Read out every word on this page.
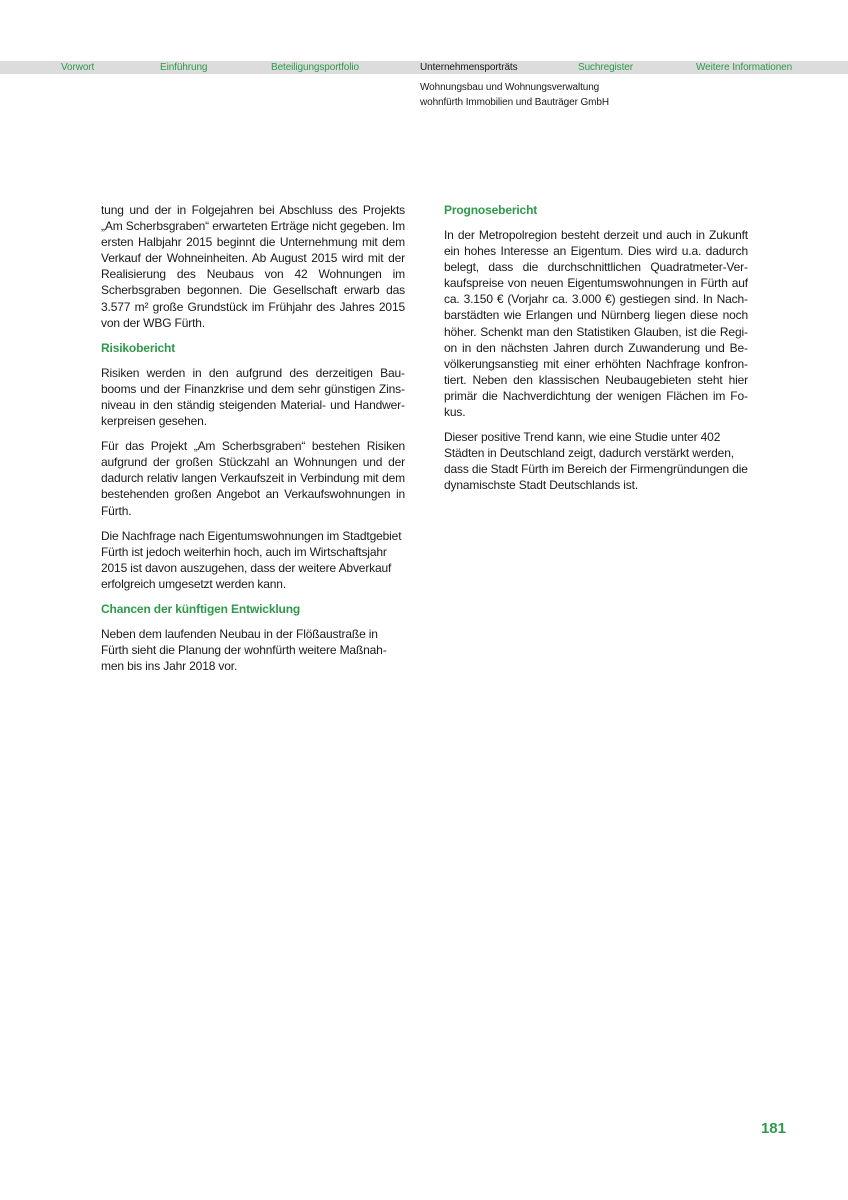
Vorwort	Einführung	Beteiligungsportfolio	Unternehmensporträts	Suchregister	Weitere Informationen
Wohnungsbau und Wohnungsverwaltung
wohnfürth Immobilien und Bauträger GmbH

tung und der in Folgejahren bei Abschluss des Projekts „Am Scherbsgraben“ erwarteten Erträge nicht gegeben. Im ersten Halbjahr 2015 beginnt die Unternehmung mit dem Verkauf der Wohneinheiten. Ab August 2015 wird mit der Realisierung des Neubaus von 42 Wohnungen im Scherbsgraben begonnen. Die Gesellschaft erwarb das 3.577 m² große Grundstück im Frühjahr des Jahres 2015 von der WBG Fürth.

Risikobericht

Risiken werden in den aufgrund des derzeitigen Baubooms und der Finanzkrise und dem sehr günstigen Zinsniveau in den ständig steigenden Material- und Handwerkerpreisen gesehen.

Für das Projekt „Am Scherbsgraben“ bestehen Risiken aufgrund der großen Stückzahl an Wohnungen und der dadurch relativ langen Verkaufszeit in Verbindung mit dem bestehenden großen Angebot an Verkaufswohnungen in Fürth.

Die Nachfrage nach Eigentumswohnungen im Stadtgebiet Fürth ist jedoch weiterhin hoch, auch im Wirtschaftsjahr 2015 ist davon auszugehen, dass der weitere Abverkauf erfolgreich umgesetzt werden kann.

Chancen der künftigen Entwicklung

Neben dem laufenden Neubau in der Flößaustraße in Fürth sieht die Planung der wohnfürth weitere Maßnahmen bis ins Jahr 2018 vor.

Prognosebericht

In der Metropolregion besteht derzeit und auch in Zukunft ein hohes Interesse an Eigentum. Dies wird u.a. dadurch belegt, dass die durchschnittlichen Quadratmeter-Verkaufspreise von neuen Eigentumswohnungen in Fürth auf ca. 3.150 € (Vorjahr ca. 3.000 €) gestiegen sind. In Nachbarstädten wie Erlangen und Nürnberg liegen diese noch höher. Schenkt man den Statistiken Glauben, ist die Region in den nächsten Jahren durch Zuwanderung und Bevölkerungsanstieg mit einer erhöhten Nachfrage konfrontiert. Neben den klassischen Neubaugebieten steht hier primär die Nachverdichtung der wenigen Flächen im Fokus.

Dieser positive Trend kann, wie eine Studie unter 402 Städten in Deutschland zeigt, dadurch verstärkt werden, dass die Stadt Fürth im Bereich der Firmengründungen die dynamischste Stadt Deutschlands ist.

181
